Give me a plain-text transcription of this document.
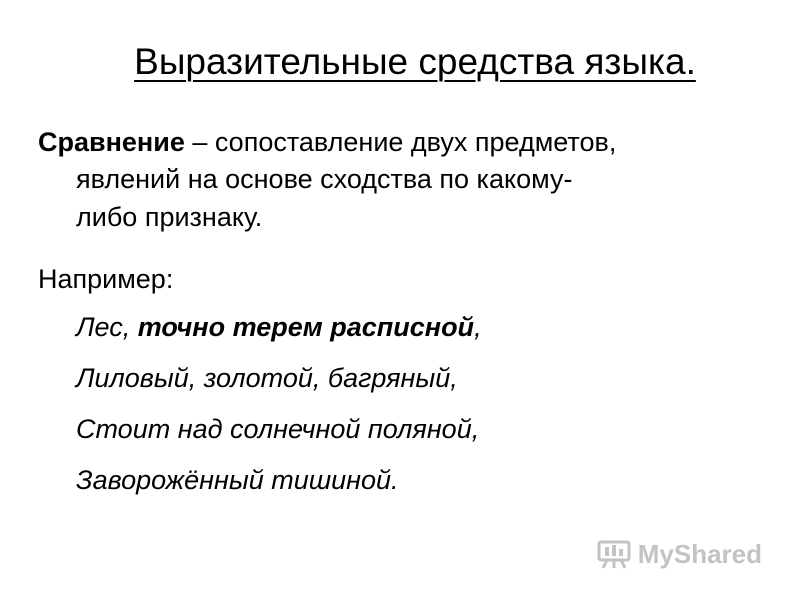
Выразительные средства языка.
Сравнение – сопоставление двух предметов,
явлений на основе сходства по какому-
либо признаку.
Например:
Лес, точно терем расписной,
Лиловый, золотой, багряный,
Стоит над солнечной поляной,
Заворожённый тишиной.
MyShared
